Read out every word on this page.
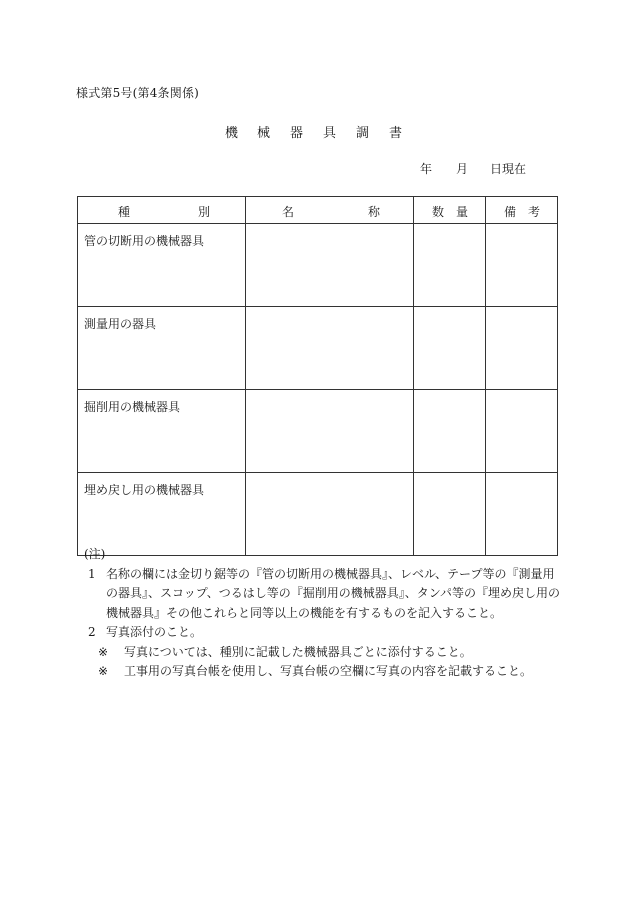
様式第5号(第4条関係)
機 械 器 具 調 書
年 月 日現在
種 別	名 称	数 量	備 考

管の切断用の機械器具			
測量用の器具			
掘削用の機械器具			
埋め戻し用の機械器具			
(注)
1 名称の欄には金切り鋸等の『管の切断用の機械器具』、レベル、テープ等の『測量用
の器具』、スコップ、つるはし等の『掘削用の機械器具』、タンパ等の『埋め戻し用の
機械器具』その他これらと同等以上の機能を有するものを記入すること。
2 写真添付のこと。
※ 写真については、種別に記載した機械器具ごとに添付すること。
※ 工事用の写真台帳を使用し、写真台帳の空欄に写真の内容を記載すること。
